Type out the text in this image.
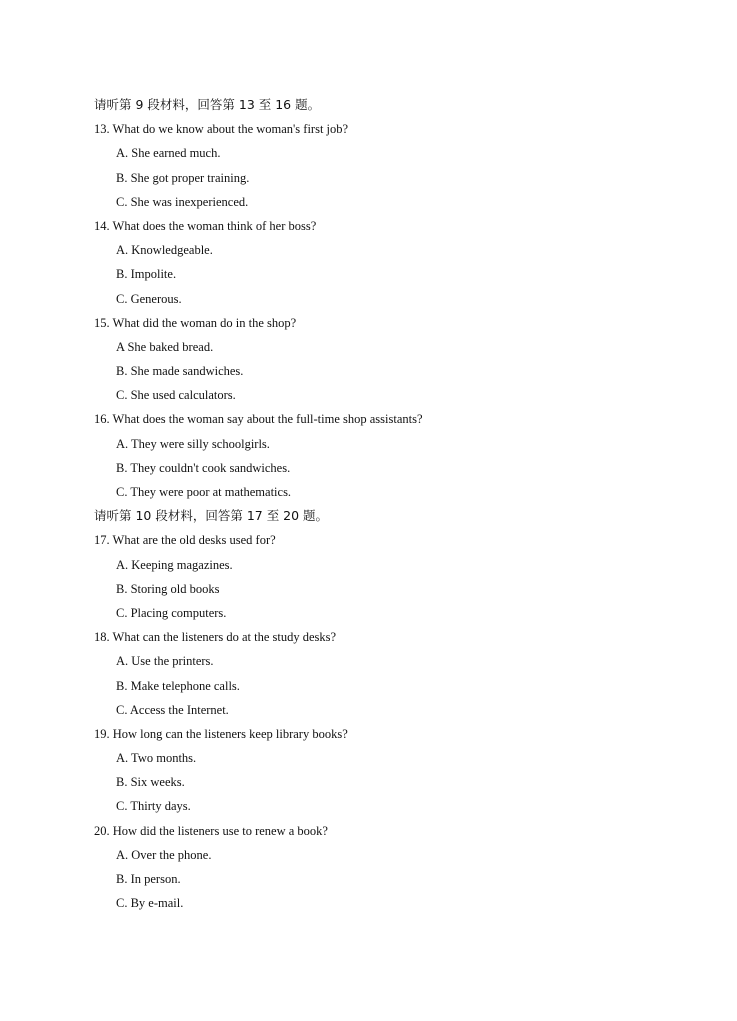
请听第 9 段材料，回答第 13 至 16 题。
13. What do we know about the woman's first job?
A. She earned much.
B. She got proper training.
C. She was inexperienced.
14. What does the woman think of her boss?
A. Knowledgeable.
B. Impolite.
C. Generous.
15. What did the woman do in the shop?
A She baked bread.
B. She made sandwiches.
C. She used calculators.
16. What does the woman say about the full-time shop assistants?
A. They were silly schoolgirls.
B. They couldn't cook sandwiches.
C. They were poor at mathematics.
请听第 10 段材料，回答第 17 至 20 题。
17. What are the old desks used for?
A. Keeping magazines.
B. Storing old books
C. Placing computers.
18. What can the listeners do at the study desks?
A. Use the printers.
B. Make telephone calls.
C. Access the Internet.
19. How long can the listeners keep library books?
A. Two months.
B. Six weeks.
C. Thirty days.
20. How did the listeners use to renew a book?
A. Over the phone.
B. In person.
C. By e-mail.
